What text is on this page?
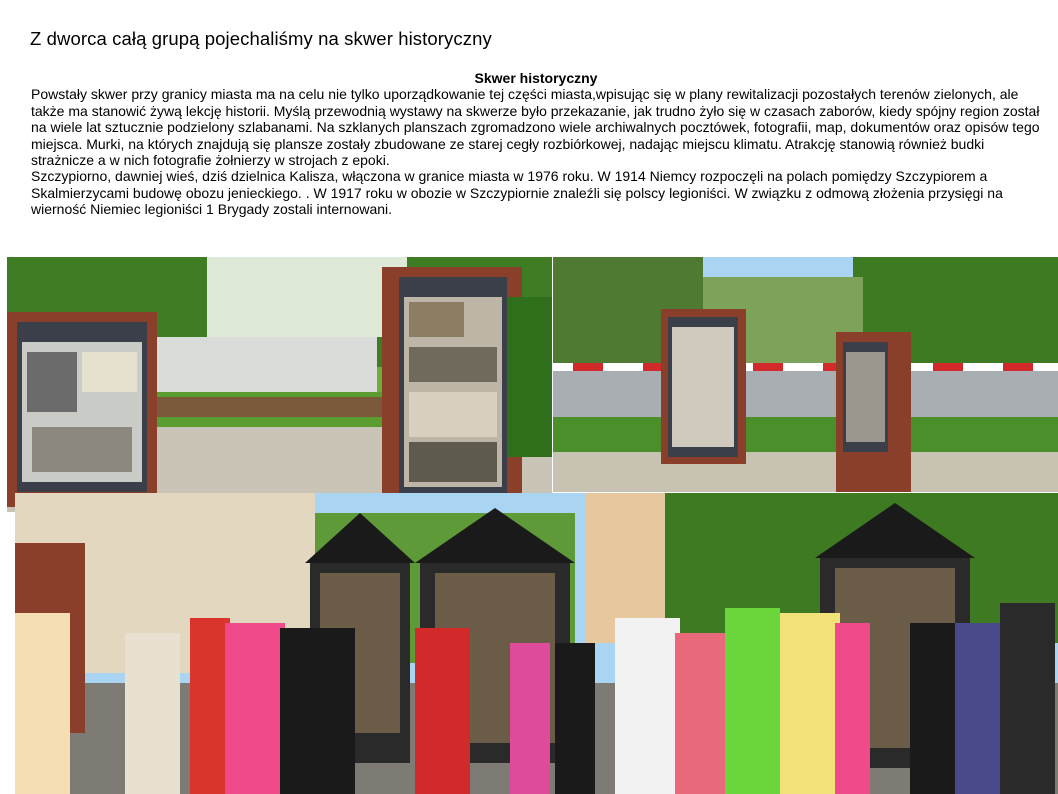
Z dworca całą grupą pojechaliśmy na skwer historyczny
Skwer historyczny

Powstały skwer przy granicy miasta ma na celu nie tylko uporządkowanie tej części miasta,wpisując się w plany rewitalizacji pozostałych terenów zielonych, ale także ma stanowić żywą lekcję historii. Myślą przewodnią wystawy na skwerze było przekazanie, jak trudno żyło się w czasach zaborów, kiedy spójny region został na wiele lat sztucznie podzielony szlabanami. Na szklanych planszach zgromadzono wiele archiwalnych pocztówek, fotografii, map, dokumentów oraz opisów tego miejsca. Murki, na których znajdują się plansze zostały zbudowane ze starej cegły rozbiórkowej, nadając miejscu klimatu. Atrakcję stanowią również budki strażnicze a w nich fotografie żołnierzy w strojach z epoki.

Szczypiorno, dawniej wieś, dziś dzielnica Kalisza, włączona w granice miasta w 1976 roku. W 1914 Niemcy rozpoczęli na polach pomiędzy Szczypiorem a Skalmierzycami budowę obozu jenieckiego. . W 1917 roku w obozie w Szczypiornie znaleźli się polscy legioniści. W związku z odmową złożenia przysięgi na wierność Niemiec legioniści 1 Brygady zostali internowani.
